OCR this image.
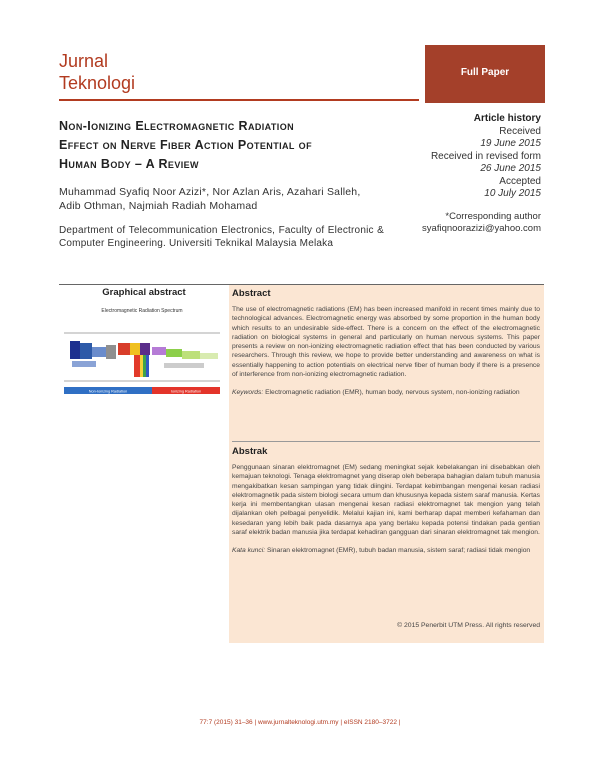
Jurnal
Teknologi
Full Paper
Non-Ionizing Electromagnetic Radiation
Effect on Nerve Fiber Action Potential of
Human Body – A Review
Muhammad Syafiq Noor Azizi*, Nor Azlan Aris, Azahari Salleh,
Adib Othman, Najmiah Radiah Mohamad
Department of Telecommunication Electronics, Faculty of Electronic & Computer Engineering. Universiti Teknikal Malaysia Melaka
Article history
Received
19 June 2015
Received in revised form
26 June 2015
Accepted
10 July 2015
*Corresponding author
syafiqnoorazizi@yahoo.com
Graphical abstract
Electromagnetic Radiation Spectrum
Non-Ionizing Radiation	Ionizing Radiation
Abstract
The use of electromagnetic radiations (EM) has been increased manifold in recent times mainly due to technological advances. Electromagnetic energy was absorbed by some proportion in the human body which results to an undesirable side-effect. There is a concern on the effect of the electromagnetic radiation on biological systems in general and particularly on human nervous systems. This paper presents a review on non-ionizing electromagnetic radiation effect that has been conducted by various researchers. Through this review, we hope to provide better understanding and awareness on what is essentially happening to action potentials on electrical nerve fiber of human body if there is a presence of interference from non-ionizing electromagnetic radiation.
Keywords: Electromagnetic radiation (EMR), human body, nervous system, non-ionizing radiation
Abstrak
Penggunaan sinaran elektromagnet (EM) sedang meningkat sejak kebelakangan ini disebabkan oleh kemajuan teknologi. Tenaga elektromagnet yang diserap oleh beberapa bahagian dalam tubuh manusia mengakibatkan kesan sampingan yang tidak diingini. Terdapat kebimbangan mengenai kesan radiasi elektromagnetik pada sistem biologi secara umum dan khususnya kepada sistem saraf manusia. Kertas kerja ini membentangkan ulasan mengenai kesan radiasi elektromagnet tak mengion yang telah dijalankan oleh pelbagai penyelidik. Melalui kajian ini, kami berharap dapat memberi kefahaman dan kesedaran yang lebih baik pada dasarnya apa yang berlaku kepada potensi tindakan pada gentian saraf elektrik badan manusia jika terdapat kehadiran gangguan dari sinaran elektromagnet tak mengion.
Kata kunci: Sinaran elektromagnet (EMR), tubuh badan manusia, sistem saraf; radiasi tidak mengion
© 2015 Penerbit UTM Press. All rights reserved
77:7 (2015) 31–36 | www.jurnalteknologi.utm.my | eISSN 2180–3722 |
